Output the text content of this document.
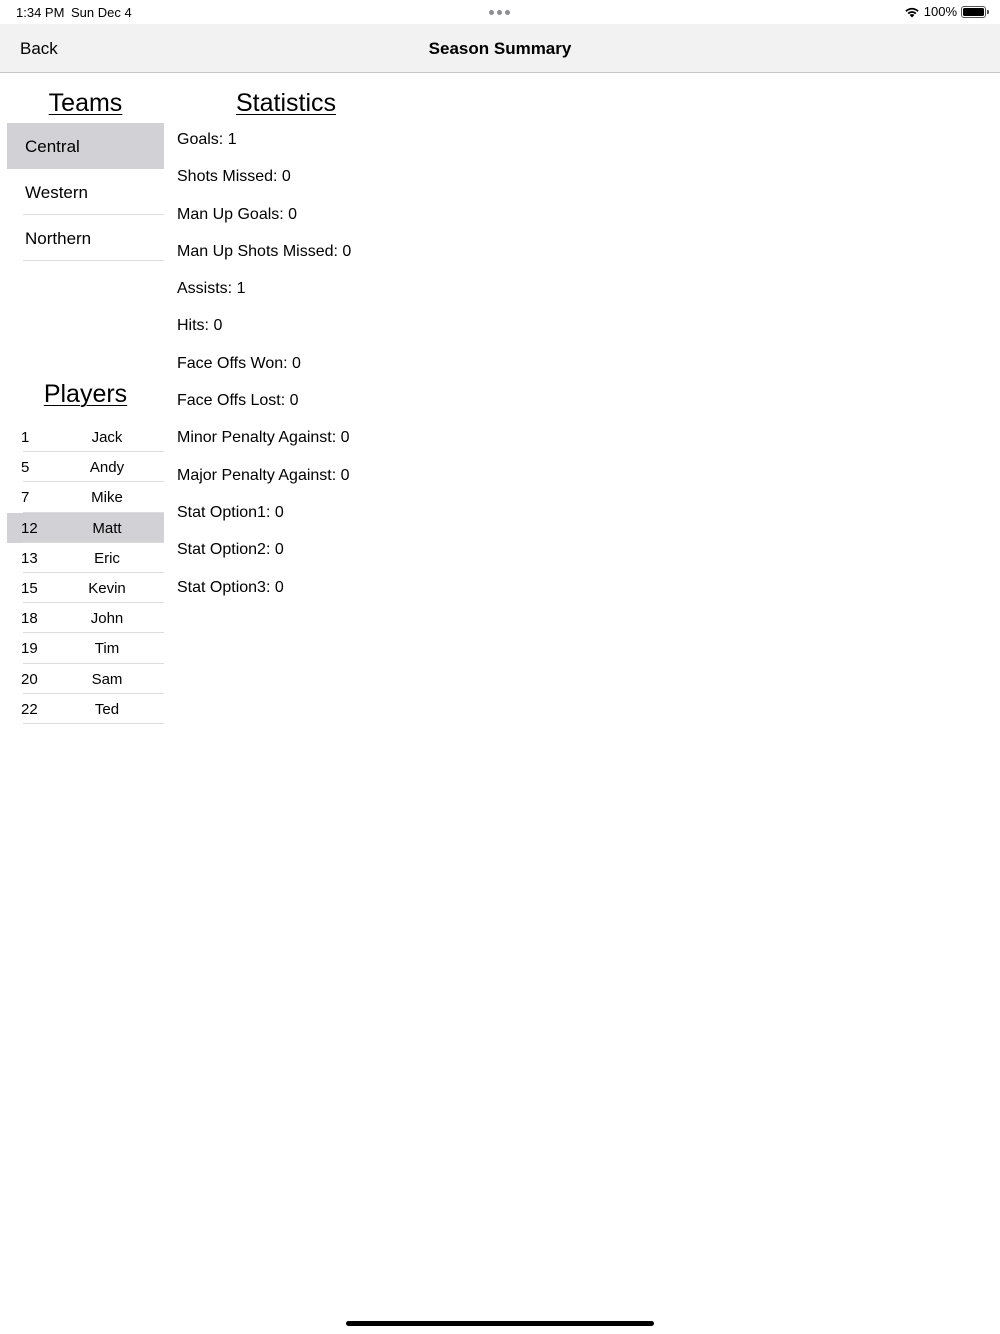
1:34 PM Sun Dec 4	100%
Season Summary
Back
Teams
Central
Western
Northern
Players
1	Jack
5	Andy
7	Mike
12	Matt
13	Eric
15	Kevin
18	John
19	Tim
20	Sam
22	Ted
Statistics
Goals: 1
Shots Missed: 0
Man Up Goals: 0
Man Up Shots Missed: 0
Assists: 1
Hits: 0
Face Offs Won: 0
Face Offs Lost: 0
Minor Penalty Against: 0
Major Penalty Against: 0
Stat Option1: 0
Stat Option2: 0
Stat Option3: 0
